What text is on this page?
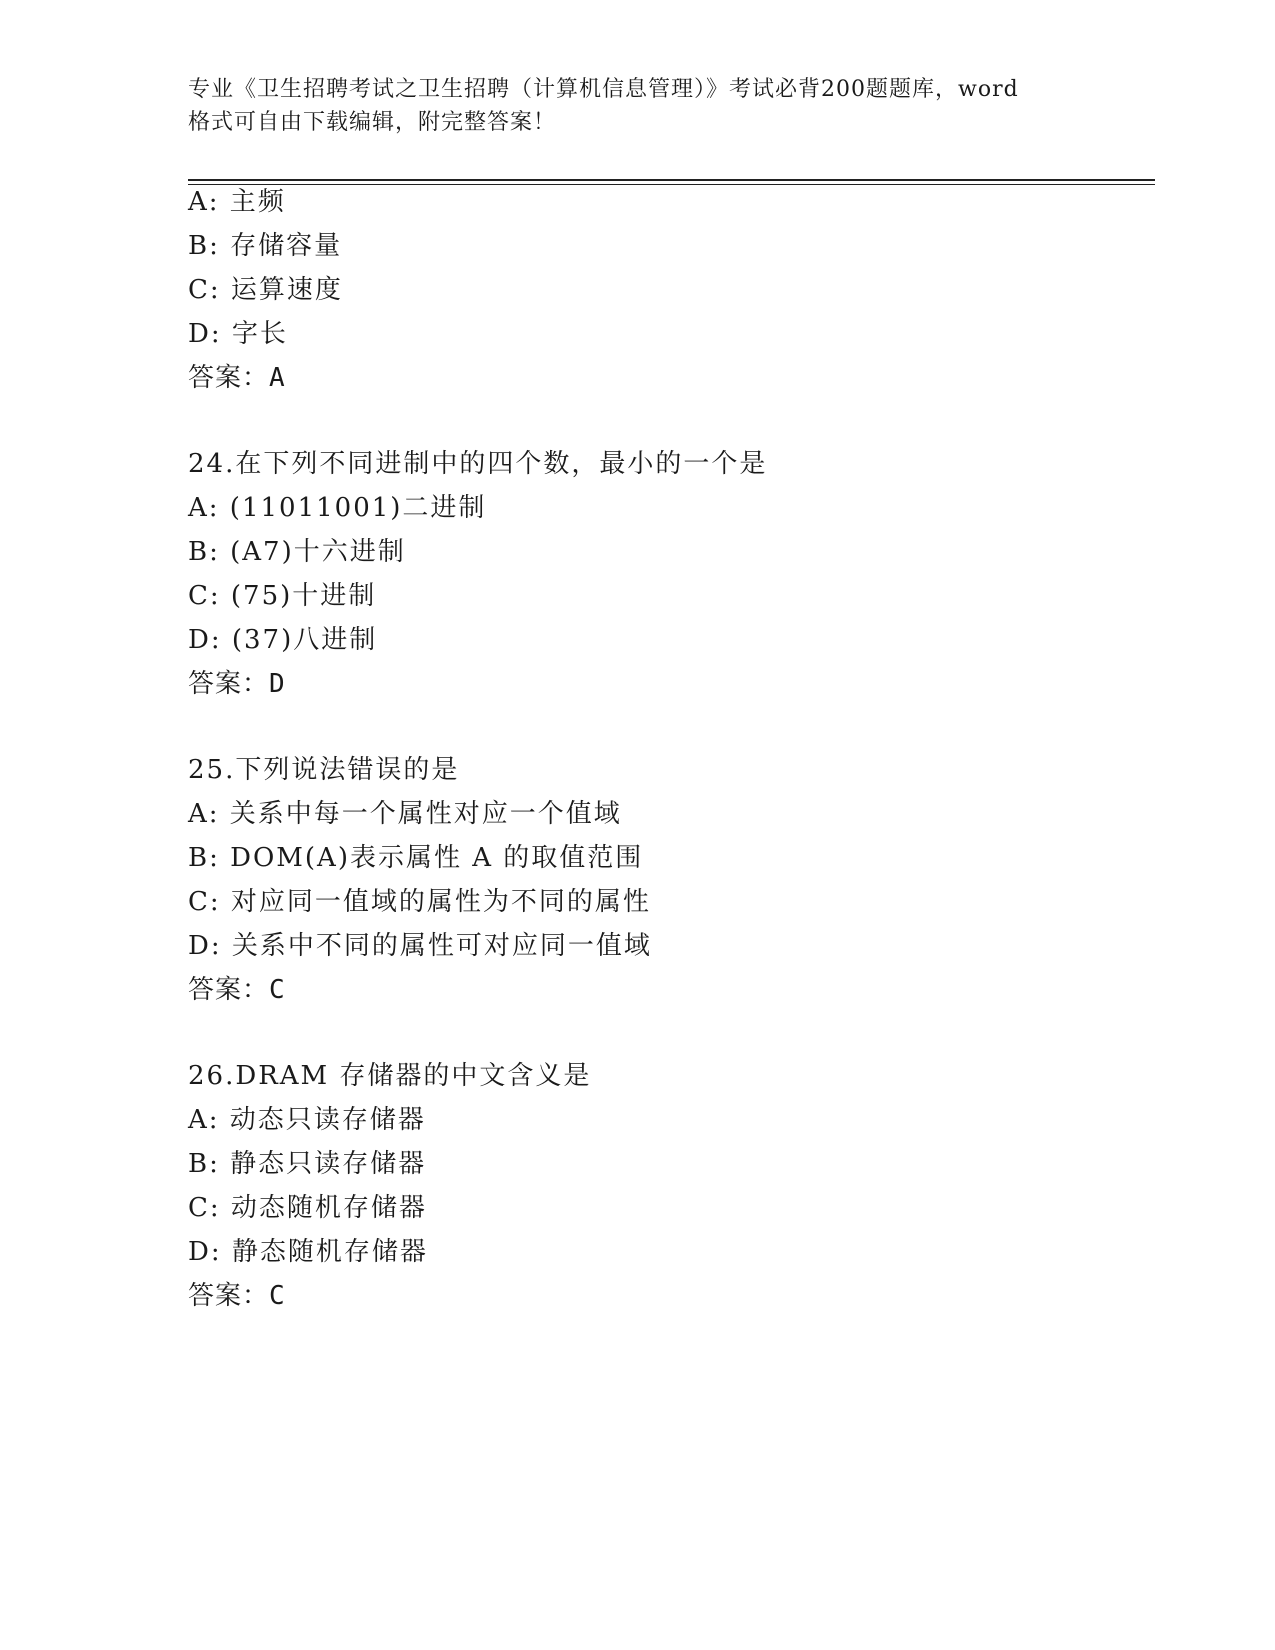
专业《卫生招聘考试之卫生招聘（计算机信息管理）》考试必背200题题库，word
格式可自由下载编辑，附完整答案！
A: 主频
B: 存储容量
C: 运算速度
D: 字长
答案：A
24.在下列不同进制中的四个数，最小的一个是
A: (11011001)二进制
B: (A7)十六进制
C: (75)十进制
D: (37)八进制
答案：D
25.下列说法错误的是
A: 关系中每一个属性对应一个值域
B: DOM(A)表示属性 A 的取值范围
C: 对应同一值域的属性为不同的属性
D: 关系中不同的属性可对应同一值域
答案：C
26.DRAM 存储器的中文含义是
A: 动态只读存储器
B: 静态只读存储器
C: 动态随机存储器
D: 静态随机存储器
答案：C
